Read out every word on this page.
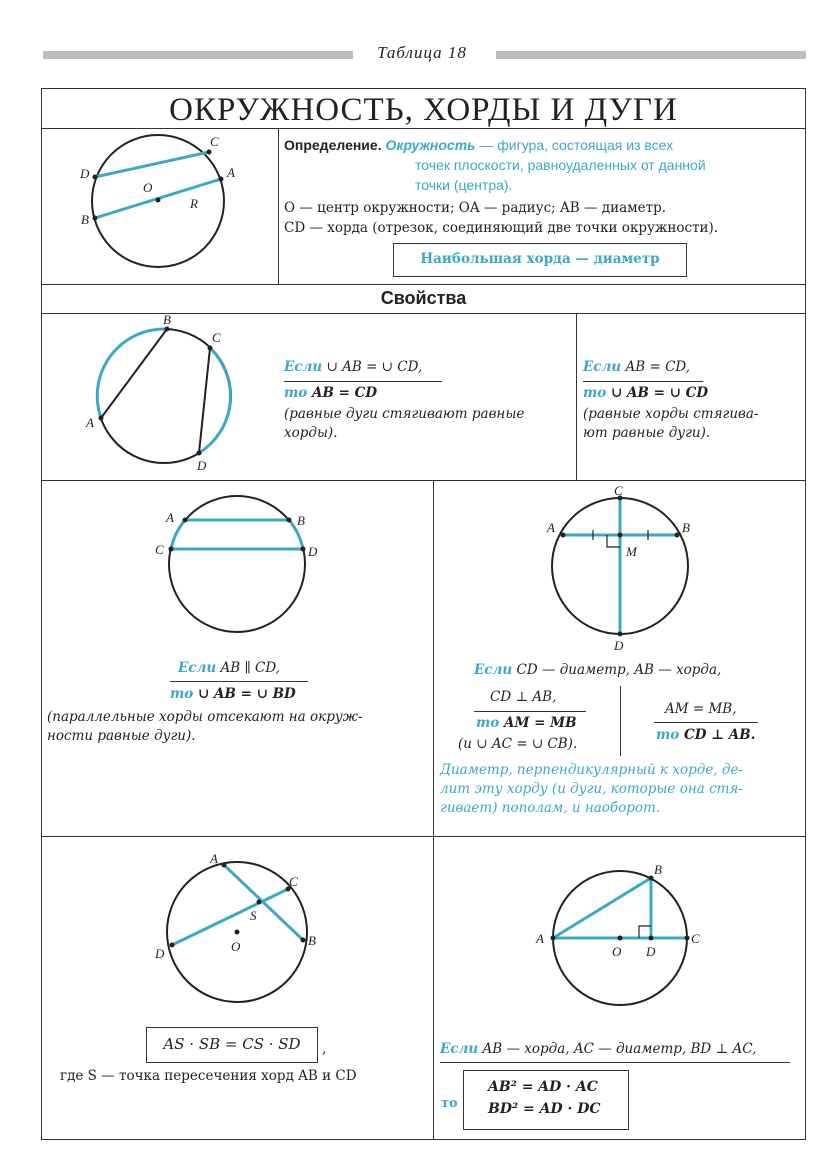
Таблица 18
ОКРУЖНОСТЬ, ХОРДЫ И ДУГИ
Определение. Окружность — фигура, состоящая из всех
точек плоскости, равноудаленных от данной
точки (центра).
O — центр окружности; OA — радиус; AB — диаметр.
CD — хорда (отрезок, соединяющий две точки окружности).
Наибольшая хорда — диаметр
Свойства
Если ∪ AB = ∪ CD,
то AB = CD
(равные дуги стягивают равные
хорды).
Если AB = CD,
то ∪ AB = ∪ CD
(равные хорды стягива-
ют равные дуги).
Если AB ∥ CD,
то ∪ AB = ∪ BD
(параллельные хорды отсекают на окруж-
ности равные дуги).
Если CD — диаметр, AB — хорда,
CD ⊥ AB,
то AM = MB
(и ∪ AC = ∪ CB).
AM = MB,
то CD ⊥ AB.
Диаметр, перпендикулярный к хорде, де-
лит эту хорду (и дуги, которые она стя-
гивает) пополам, и наоборот.
AS · SB = CS · SD	,
где S — точка пересечения хорд AB и CD
Если AB — хорда, AC — диаметр, BD ⊥ AC,
то
AB² = AD · AC
BD² = AD · DC
D
C
B
A
O
R
A
B
C
D
A	B
C	D
A	B
C
D
M
A
B
C
D
S
O
A
B
C
D
O
